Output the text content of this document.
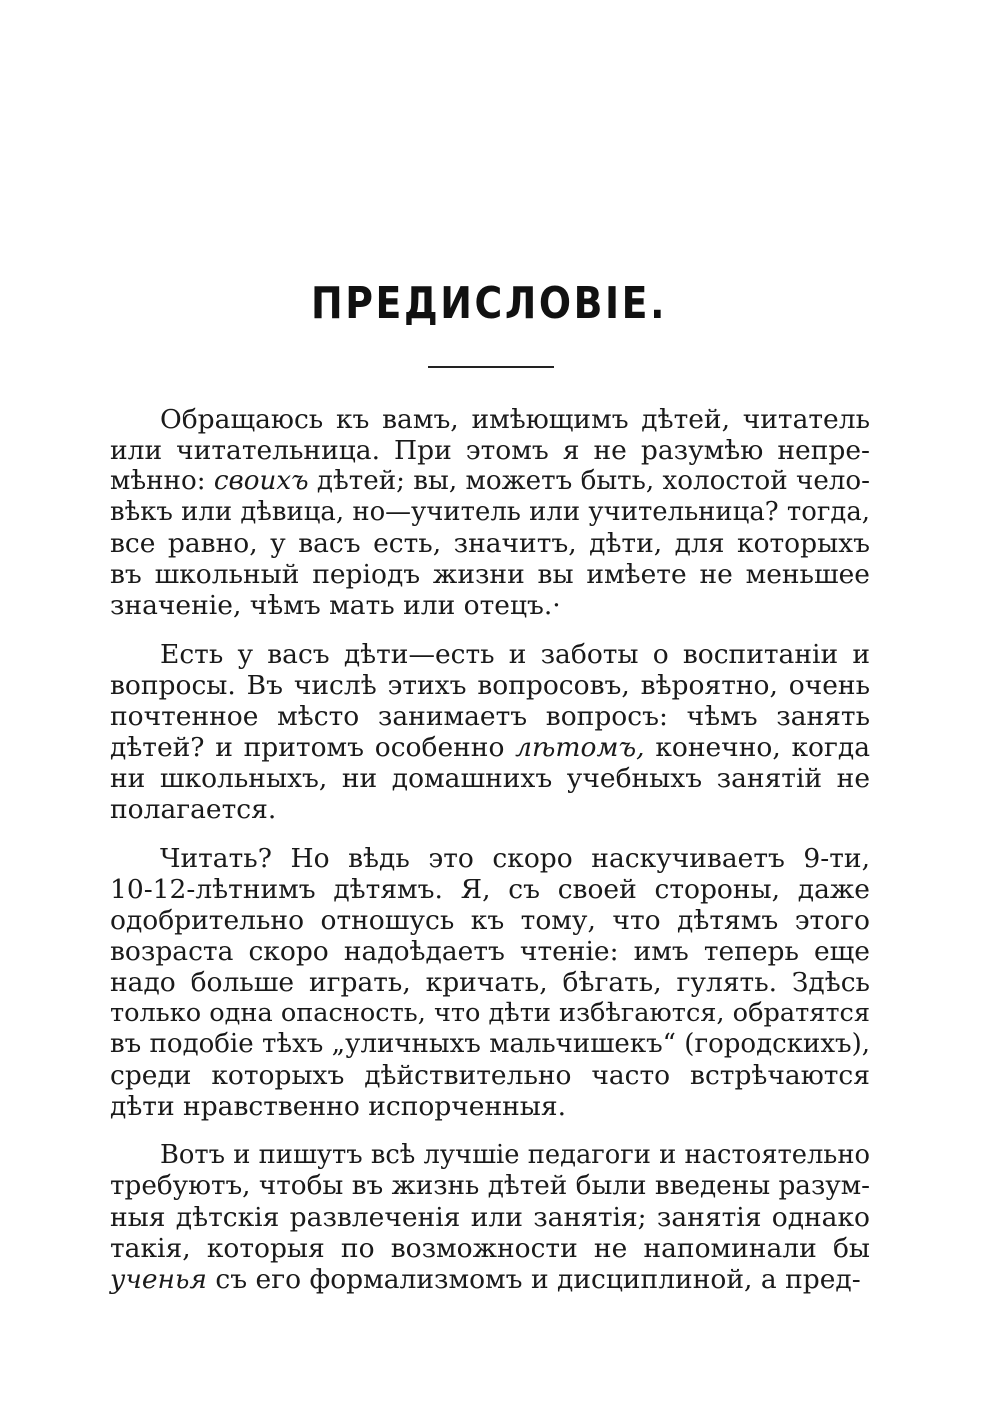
ПРЕДИСЛОВІЕ.
Обращаюсь къ вамъ, имѣющимъ дѣтей, читатель
или читательница. При этомъ я не разумѣю непре-
мѣнно: своихъ дѣтей; вы, можетъ быть, холостой чело-
вѣкъ или дѣвица, но—учитель или учительница? тогда,
все равно, у васъ есть, значитъ, дѣти, для которыхъ
въ школьный періодъ жизни вы имѣете не меньшее
значеніе, чѣмъ мать или отецъ.·
Есть у васъ дѣти—есть и заботы о воспитаніи и
вопросы. Въ числѣ этихъ вопросовъ, вѣроятно, очень
почтенное мѣсто занимаетъ вопросъ: чѣмъ занять
дѣтей? и притомъ особенно лѣтомъ, конечно, когда
ни школьныхъ, ни домашнихъ учебныхъ занятій не
полагается.
Читать? Но вѣдь это скоро наскучиваетъ 9-ти,
10-12-лѣтнимъ дѣтямъ. Я, съ своей стороны, даже
одобрительно отношусь къ тому, что дѣтямъ этого
возраста скоро надоѣдаетъ чтеніе: имъ теперь еще
надо больше играть, кричать, бѣгать, гулять. Здѣсь
только одна опасность, что дѣти избѣгаются, обратятся
въ подобіе тѣхъ „уличныхъ мальчишекъ“ (городскихъ),
среди которыхъ дѣйствительно часто встрѣчаются
дѣти нравственно испорченныя.
Вотъ и пишутъ всѣ лучшіе педагоги и настоятельно
требуютъ, чтобы въ жизнь дѣтей были введены разум-
ныя дѣтскія развлеченія или занятія; занятія однако
такія, которыя по возможности не напоминали бы
ученья съ его формализмомъ и дисциплиной, а пред-
